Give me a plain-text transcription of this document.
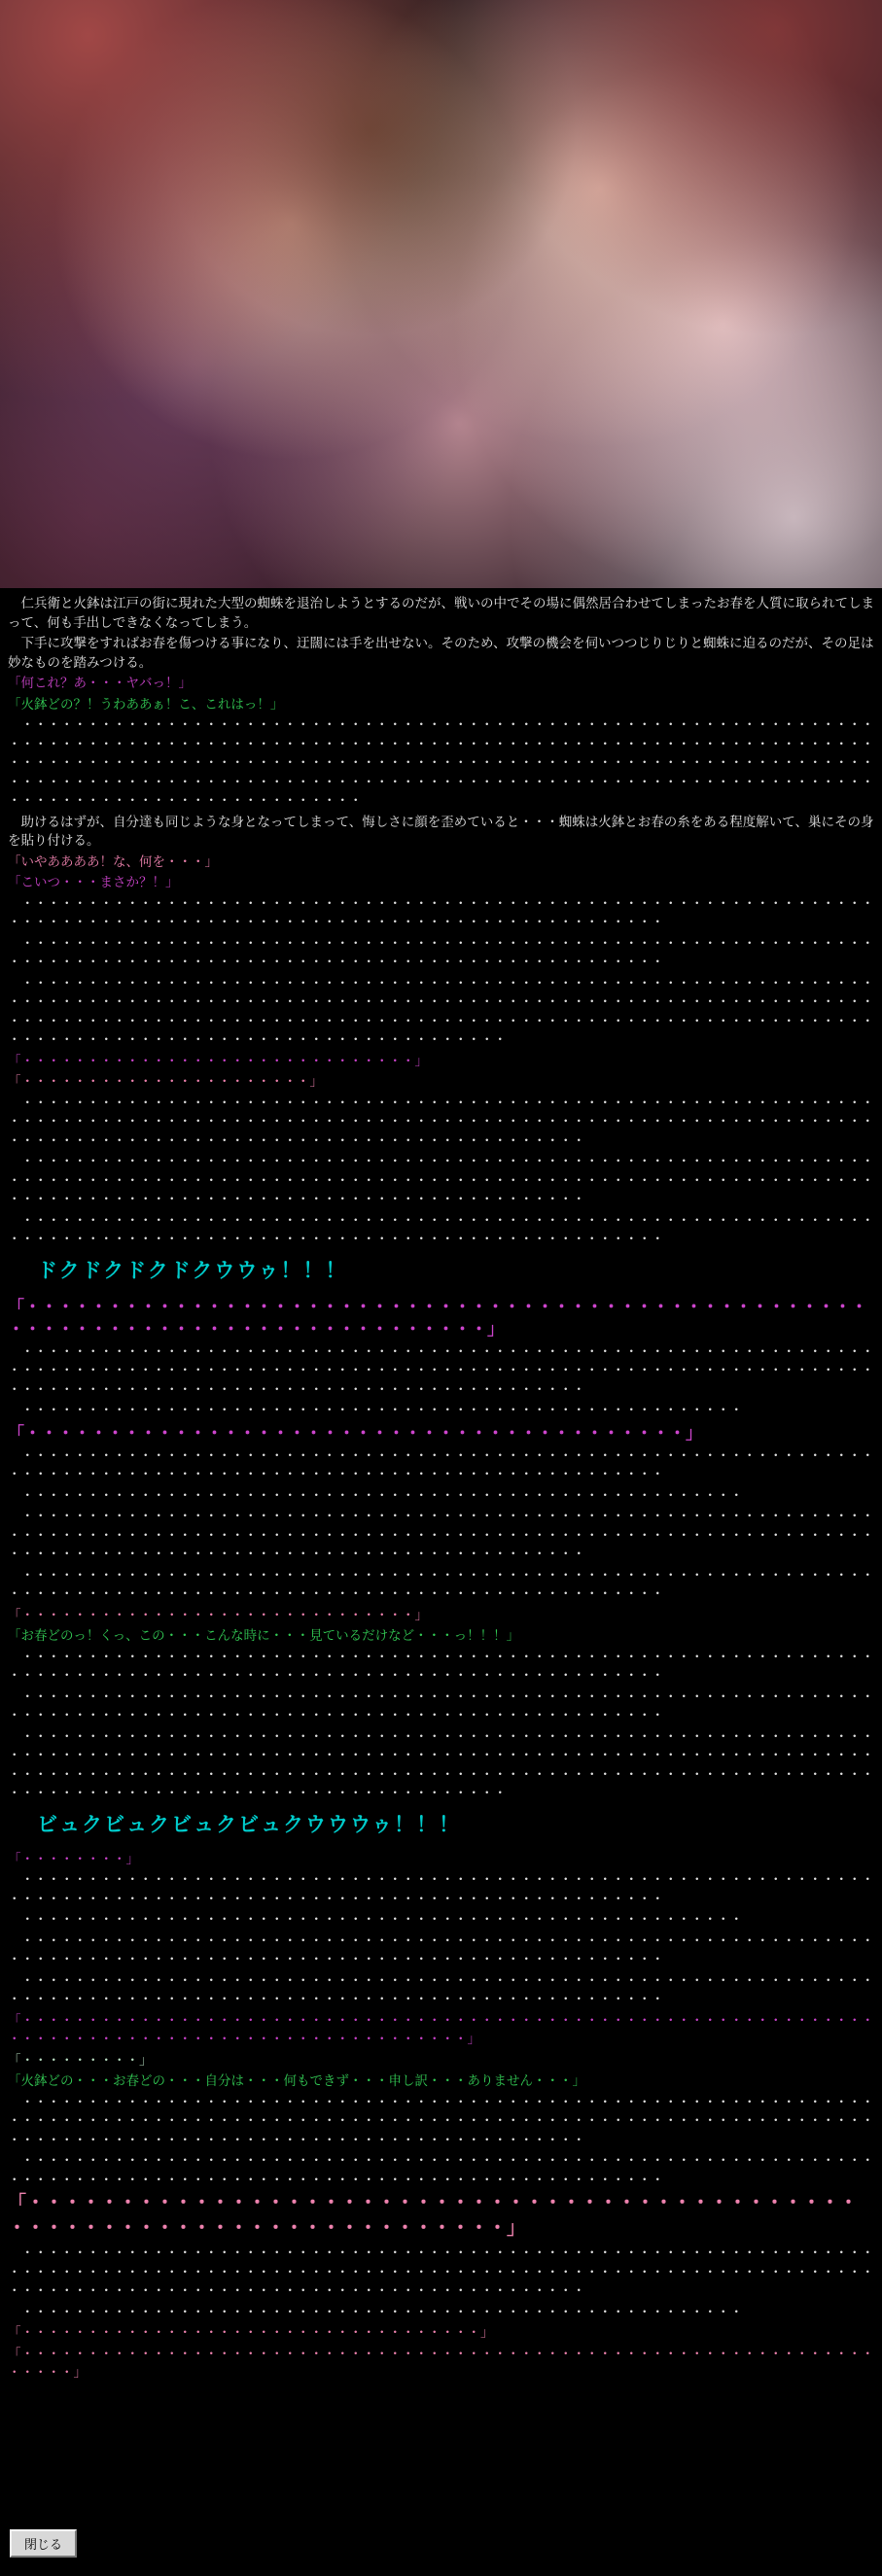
　仁兵衛と火鉢は江戸の街に現れた大型の蜘蛛を退治しようとするのだが、戦いの中でその場に偶然居合わせてしまったお春を人質に取られてしまって、何も手出しできなくなってしまう。

　下手に攻撃をすればお春を傷つける事になり、迂闊には手を出せない。そのため、攻撃の機会を伺いつつじりじりと蜘蛛に迫るのだが、その足は妙なものを踏みつける。

「何これ？あ・・・ヤバっ！」

「火鉢どの？！うわああぁ！こ、これはっ！」

　・・・・・・・・・・・・・・・・・・・・・・・・・・・・・・・・・・・・・・・・・・・・・・・・・・・・・・・・・・・・・・・・・・・・・・・・・・・・・・・・・・・・・・・・・・・・・・・・・・・・・・・・・・・・・・・・・・・・・・・・・・・・・・・・・・・・・・・・・・・・・・・・・・・・・・・・・・・・・・・・・・・・・・・・・・・・・・・・・・・・・・・・・・・・・・・・・・・・・・・・・・・・・・・・・・・・・・・・・・・・・・・・・・・・・・・・・・・・・・・・・・・・・・・・・・・・・・・・・・・・・・・・・・・・・・・・・・・・・・・・・・・・・・・・・・

　助けるはずが、自分達も同じような身となってしまって、悔しさに顔を歪めていると・・・蜘蛛は火鉢とお春の糸をある程度解いて、巣にその身を貼り付ける。

「いやああああ！な、何を・・・」

「こいつ・・・まさか？！」

　・・・・・・・・・・・・・・・・・・・・・・・・・・・・・・・・・・・・・・・・・・・・・・・・・・・・・・・・・・・・・・・・・・・・・・・・・・・・・・・・・・・・・・・・・・・・・・・・・・・・・・・・・・・・・・・・・・・

　・・・・・・・・・・・・・・・・・・・・・・・・・・・・・・・・・・・・・・・・・・・・・・・・・・・・・・・・・・・・・・・・・・・・・・・・・・・・・・・・・・・・・・・・・・・・・・・・・・・・・・・・・・・・・・・・・・・

　・・・・・・・・・・・・・・・・・・・・・・・・・・・・・・・・・・・・・・・・・・・・・・・・・・・・・・・・・・・・・・・・・・・・・・・・・・・・・・・・・・・・・・・・・・・・・・・・・・・・・・・・・・・・・・・・・・・・・・・・・・・・・・・・・・・・・・・・・・・・・・・・・・・・・・・・・・・・・・・・・・・・・・・・・・・・・・・・・・・・・・・・・・・・・・・・・・・・・・・・・・・・・・・・・・・・・・・・・・・・・・・・・・・・・・・・・・・

「・・・・・・・・・・・・・・・・・・・・・・・・・・・・・・」

「・・・・・・・・・・・・・・・・・・・・・・」

　・・・・・・・・・・・・・・・・・・・・・・・・・・・・・・・・・・・・・・・・・・・・・・・・・・・・・・・・・・・・・・・・・・・・・・・・・・・・・・・・・・・・・・・・・・・・・・・・・・・・・・・・・・・・・・・・・・・・・・・・・・・・・・・・・・・・・・・・・・・・・・・・・・・・・・・・・・・・・・・・・・・・・・・・・・・・・・・

　・・・・・・・・・・・・・・・・・・・・・・・・・・・・・・・・・・・・・・・・・・・・・・・・・・・・・・・・・・・・・・・・・・・・・・・・・・・・・・・・・・・・・・・・・・・・・・・・・・・・・・・・・・・・・・・・・・・・・・・・・・・・・・・・・・・・・・・・・・・・・・・・・・・・・・・・・・・・・・・・・・・・・・・・・・・・・・・

　・・・・・・・・・・・・・・・・・・・・・・・・・・・・・・・・・・・・・・・・・・・・・・・・・・・・・・・・・・・・・・・・・・・・・・・・・・・・・・・・・・・・・・・・・・・・・・・・・・・・・・・・・・・・・・・・・・・

ドクドクドクドクウウゥ！！！

「・・・・・・・・・・・・・・・・・・・・・・・・・・・・・・・・・・・・・・・・・・・・・・・・・・・・・・・・・・・・・・・・・・・・・・・・・・・・・・・・」

　・・・・・・・・・・・・・・・・・・・・・・・・・・・・・・・・・・・・・・・・・・・・・・・・・・・・・・・・・・・・・・・・・・・・・・・・・・・・・・・・・・・・・・・・・・・・・・・・・・・・・・・・・・・・・・・・・・・・・・・・・・・・・・・・・・・・・・・・・・・・・・・・・・・・・・・・・・・・・・・・・・・・・・・・・・・・・・・

　・・・・・・・・・・・・・・・・・・・・・・・・・・・・・・・・・・・・・・・・・・・・・・・・・・・・・・・

「・・・・・・・・・・・・・・・・・・・・・・・・・・・・・・・・・・・・・・・・」

　・・・・・・・・・・・・・・・・・・・・・・・・・・・・・・・・・・・・・・・・・・・・・・・・・・・・・・・・・・・・・・・・・・・・・・・・・・・・・・・・・・・・・・・・・・・・・・・・・・・・・・・・・・・・・・・・・・・

　・・・・・・・・・・・・・・・・・・・・・・・・・・・・・・・・・・・・・・・・・・・・・・・・・・・・・・・

　・・・・・・・・・・・・・・・・・・・・・・・・・・・・・・・・・・・・・・・・・・・・・・・・・・・・・・・・・・・・・・・・・・・・・・・・・・・・・・・・・・・・・・・・・・・・・・・・・・・・・・・・・・・・・・・・・・・・・・・・・・・・・・・・・・・・・・・・・・・・・・・・・・・・・・・・・・・・・・・・・・・・・・・・・・・・・・・

　・・・・・・・・・・・・・・・・・・・・・・・・・・・・・・・・・・・・・・・・・・・・・・・・・・・・・・・・・・・・・・・・・・・・・・・・・・・・・・・・・・・・・・・・・・・・・・・・・・・・・・・・・・・・・・・・・・・

「・・・・・・・・・・・・・・・・・・・・・・・・・・・・・・」

「お春どのっ！くっ、この・・・こんな時に・・・見ているだけなど・・・っ！！！」

　・・・・・・・・・・・・・・・・・・・・・・・・・・・・・・・・・・・・・・・・・・・・・・・・・・・・・・・・・・・・・・・・・・・・・・・・・・・・・・・・・・・・・・・・・・・・・・・・・・・・・・・・・・・・・・・・・・・

　・・・・・・・・・・・・・・・・・・・・・・・・・・・・・・・・・・・・・・・・・・・・・・・・・・・・・・・・・・・・・・・・・・・・・・・・・・・・・・・・・・・・・・・・・・・・・・・・・・・・・・・・・・・・・・・・・・・

　・・・・・・・・・・・・・・・・・・・・・・・・・・・・・・・・・・・・・・・・・・・・・・・・・・・・・・・・・・・・・・・・・・・・・・・・・・・・・・・・・・・・・・・・・・・・・・・・・・・・・・・・・・・・・・・・・・・・・・・・・・・・・・・・・・・・・・・・・・・・・・・・・・・・・・・・・・・・・・・・・・・・・・・・・・・・・・・・・・・・・・・・・・・・・・・・・・・・・・・・・・・・・・・・・・・・・・・・・・・・・・・・・・・・・・・・・・・

ビュクビュクビュクビュクウウウゥ！！！

「・・・・・・・・」

　・・・・・・・・・・・・・・・・・・・・・・・・・・・・・・・・・・・・・・・・・・・・・・・・・・・・・・・・・・・・・・・・・・・・・・・・・・・・・・・・・・・・・・・・・・・・・・・・・・・・・・・・・・・・・・・・・・・

　・・・・・・・・・・・・・・・・・・・・・・・・・・・・・・・・・・・・・・・・・・・・・・・・・・・・・・・

　・・・・・・・・・・・・・・・・・・・・・・・・・・・・・・・・・・・・・・・・・・・・・・・・・・・・・・・・・・・・・・・・・・・・・・・・・・・・・・・・・・・・・・・・・・・・・・・・・・・・・・・・・・・・・・・・・・・

　・・・・・・・・・・・・・・・・・・・・・・・・・・・・・・・・・・・・・・・・・・・・・・・・・・・・・・・・・・・・・・・・・・・・・・・・・・・・・・・・・・・・・・・・・・・・・・・・・・・・・・・・・・・・・・・・・・・

「・・・・・・・・・・・・・・・・・・・・・・・・・・・・・・・・・・・・・・・・・・・・・・・・・・・・・・・・・・・・・・・・・・・・・・・・・・・・・・・・・・・・・・・・・・・・・・・・・・・・」

「・・・・・・・・・」

「火鉢どの・・・お春どの・・・自分は・・・何もできず・・・申し訳・・・ありません・・・」

　・・・・・・・・・・・・・・・・・・・・・・・・・・・・・・・・・・・・・・・・・・・・・・・・・・・・・・・・・・・・・・・・・・・・・・・・・・・・・・・・・・・・・・・・・・・・・・・・・・・・・・・・・・・・・・・・・・・・・・・・・・・・・・・・・・・・・・・・・・・・・・・・・・・・・・・・・・・・・・・・・・・・・・・・・・・・・・・

　・・・・・・・・・・・・・・・・・・・・・・・・・・・・・・・・・・・・・・・・・・・・・・・・・・・・・・・・・・・・・・・・・・・・・・・・・・・・・・・・・・・・・・・・・・・・・・・・・・・・・・・・・・・・・・・・・・・

「・・・・・・・・・・・・・・・・・・・・・・・・・・・・・・・・・・・・・・・・・・・・・・・・・・・・・・・・・・・・・・・・・・・・・・・・」

　・・・・・・・・・・・・・・・・・・・・・・・・・・・・・・・・・・・・・・・・・・・・・・・・・・・・・・・・・・・・・・・・・・・・・・・・・・・・・・・・・・・・・・・・・・・・・・・・・・・・・・・・・・・・・・・・・・・・・・・・・・・・・・・・・・・・・・・・・・・・・・・・・・・・・・・・・・・・・・・・・・・・・・・・・・・・・・・

　・・・・・・・・・・・・・・・・・・・・・・・・・・・・・・・・・・・・・・・・・・・・・・・・・・・・・・・

「・・・・・・・・・・・・・・・・・・・・・・・・・・・・・・・・・・・」

「・・・・・・・・・・・・・・・・・・・・・・・・・・・・・・・・・・・・・・・・・・・・・・・・・・・・・・・・・・・・・・・・・・・・・・」

閉じる
